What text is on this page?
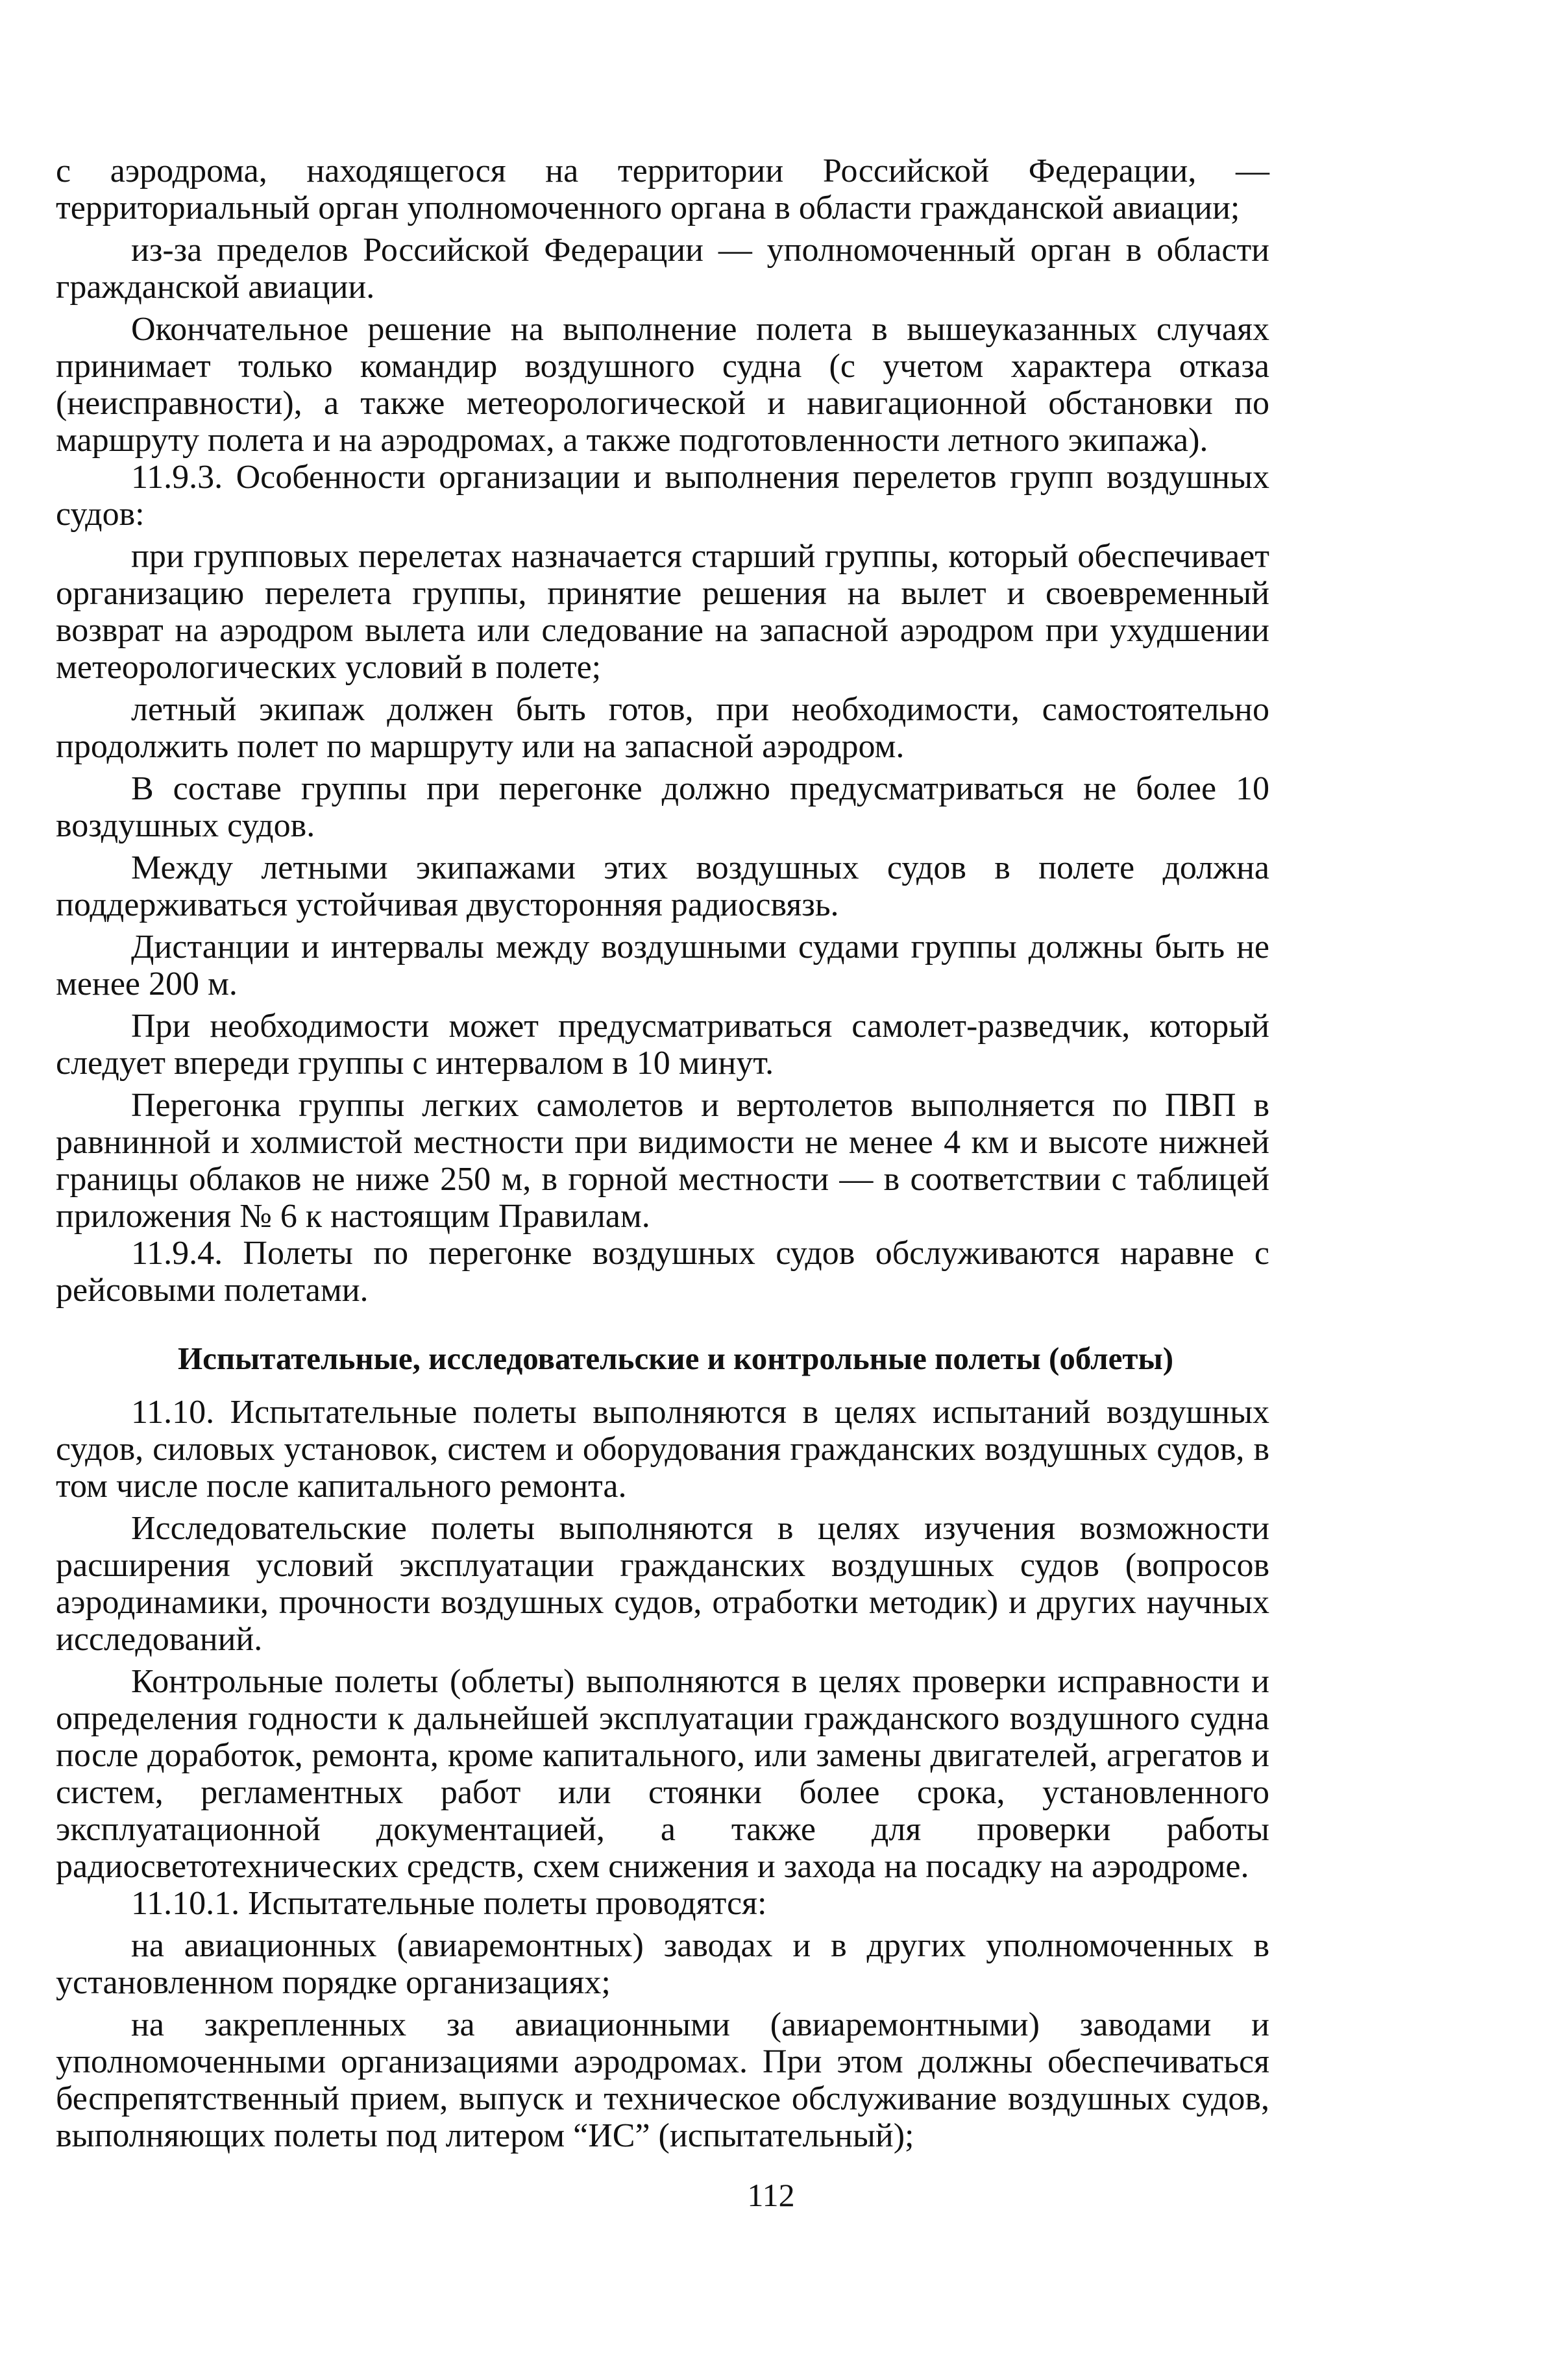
с аэродрома, находящегося на территории Российской Федерации, — территориальный орган уполномоченного органа в области гражданской авиации;

из-за пределов Российской Федерации — уполномоченный орган в области гражданской авиации.

Окончательное решение на выполнение полета в вышеуказанных случаях принимает только командир воздушного судна (с учетом характера отказа (неисправности), а также метеорологической и навигационной обстановки по маршруту полета и на аэродромах, а также подготовленности летного экипажа).

11.9.3. Особенности организации и выполнения перелетов групп воздушных судов:

при групповых перелетах назначается старший группы, который обеспечивает организацию перелета группы, принятие решения на вылет и своевременный возврат на аэродром вылета или следование на запасной аэродром при ухудшении метеорологических условий в полете;

летный экипаж должен быть готов, при необходимости, самостоятельно продолжить полет по маршруту или на запасной аэродром.

В составе группы при перегонке должно предусматриваться не более 10 воздушных судов.

Между летными экипажами этих воздушных судов в полете должна поддерживаться устойчивая двусторонняя радиосвязь.

Дистанции и интервалы между воздушными судами группы должны быть не менее 200 м.

При необходимости может предусматриваться самолет-разведчик, который следует впереди группы с интервалом в 10 минут.

Перегонка группы легких самолетов и вертолетов выполняется по ПВП в равнинной и холмистой местности при видимости не менее 4 км и высоте нижней границы облаков не ниже 250 м, в горной местности — в соответствии с таблицей приложения № 6 к настоящим Правилам.

11.9.4. Полеты по перегонке воздушных судов обслуживаются наравне с рейсовыми полетами.

Испытательные, исследовательские и контрольные полеты (облеты)

11.10. Испытательные полеты выполняются в целях испытаний воздушных судов, силовых установок, систем и оборудования гражданских воздушных судов, в том числе после капитального ремонта.

Исследовательские полеты выполняются в целях изучения возможности расширения условий эксплуатации гражданских воздушных судов (вопросов аэродинамики, прочности воздушных судов, отработки методик) и других научных исследований.

Контрольные полеты (облеты) выполняются в целях проверки исправности и определения годности к дальнейшей эксплуатации гражданского воздушного судна после доработок, ремонта, кроме капитального, или замены двигателей, агрегатов и систем, регламентных работ или стоянки более срока, установленного эксплуатационной документацией, а также для проверки работы радиосветотехнических средств, схем снижения и захода на посадку на аэродроме.

11.10.1. Испытательные полеты проводятся:

на авиационных (авиаремонтных) заводах и в других уполномоченных в установленном порядке организациях;

на закрепленных за авиационными (авиаремонтными) заводами и уполномоченными организациями аэродромах. При этом должны обеспечиваться беспрепятственный прием, выпуск и техническое обслуживание воздушных судов, выполняющих полеты под литером “ИС” (испытательный);

112
